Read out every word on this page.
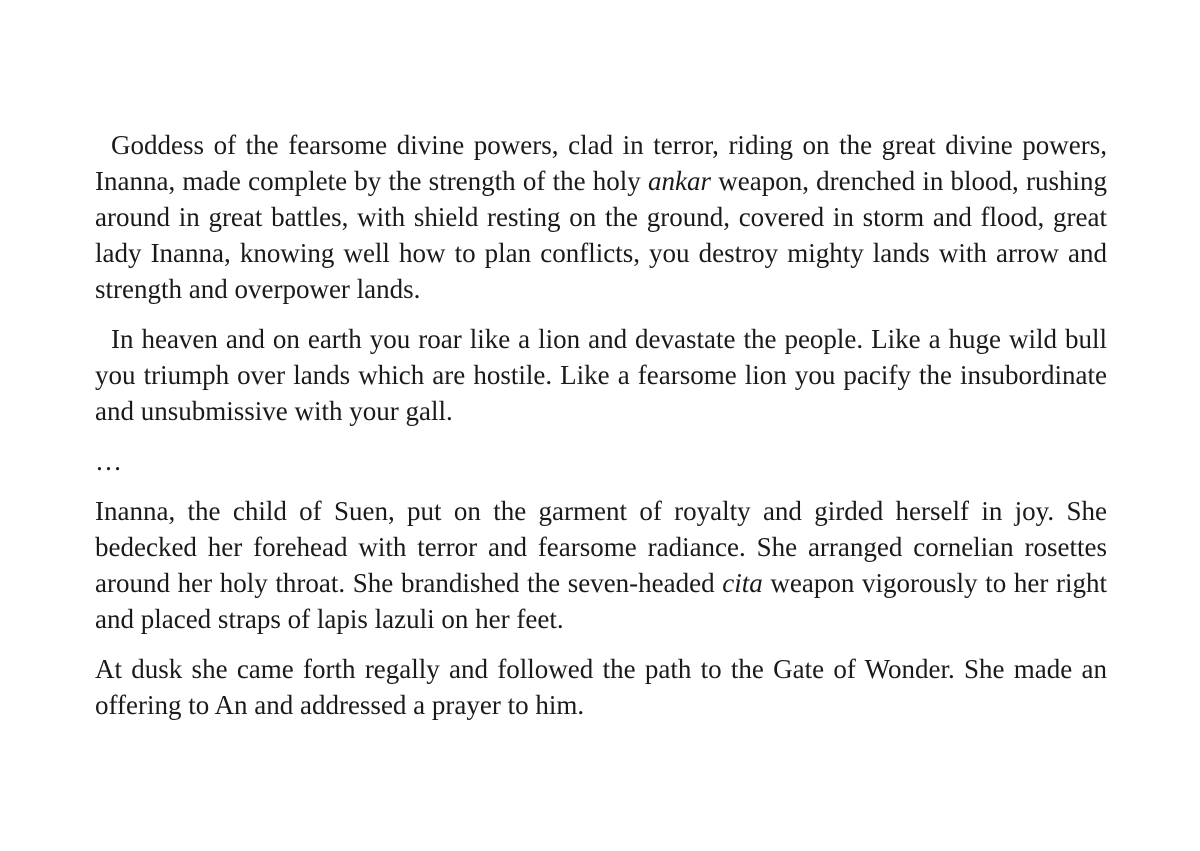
Goddess of the fearsome divine powers, clad in terror, riding on the great divine powers, Inanna, made complete by the strength of the holy ankar weapon, drenched in blood, rushing around in great battles, with shield resting on the ground, covered in storm and flood, great lady Inanna, knowing well how to plan conflicts, you destroy mighty lands with arrow and strength and overpower lands.

In heaven and on earth you roar like a lion and devastate the people. Like a huge wild bull you triumph over lands which are hostile. Like a fearsome lion you pacify the insubordinate and unsubmissive with your gall.

…

Inanna, the child of Suen, put on the garment of royalty and girded herself in joy. She bedecked her forehead with terror and fearsome radiance. She arranged cornelian rosettes around her holy throat. She brandished the seven-headed cita weapon vigorously to her right and placed straps of lapis lazuli on her feet.

At dusk she came forth regally and followed the path to the Gate of Wonder. She made an offering to An and addressed a prayer to him.
